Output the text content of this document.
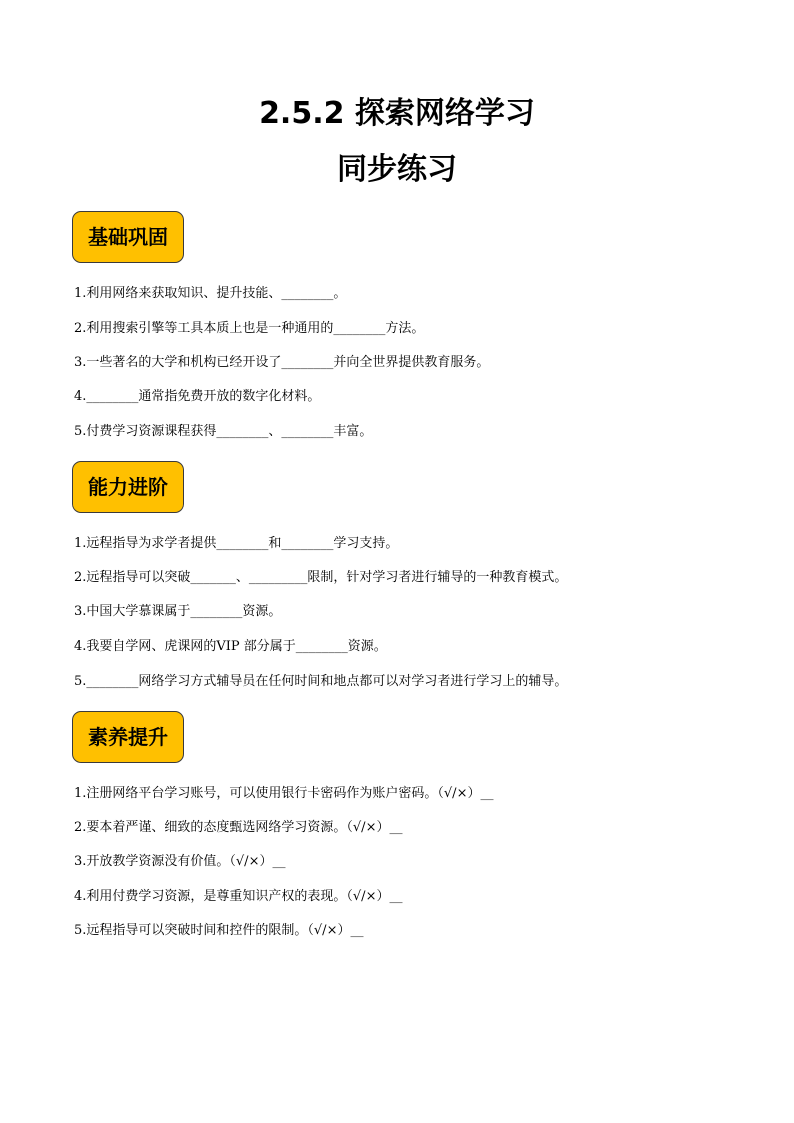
2.5.2 探索网络学习
同步练习
基础巩固
1.利用网络来获取知识、提升技能、________。
2.利用搜索引擎等工具本质上也是一种通用的________方法。
3.一些著名的大学和机构已经开设了________并向全世界提供教育服务。
4.________通常指免费开放的数字化材料。
5.付费学习资源课程获得________、________丰富。
能力进阶
1.远程指导为求学者提供________和________学习支持。
2.远程指导可以突破_______、_________限制，针对学习者进行辅导的一种教育模式。
3.中国大学慕课属于________资源。
4.我要自学网、虎课网的VIP 部分属于________资源。
5.________网络学习方式辅导员在任何时间和地点都可以对学习者进行学习上的辅导。
素养提升
1.注册网络平台学习账号，可以使用银行卡密码作为账户密码。（√/×）__
2.要本着严谨、细致的态度甄选网络学习资源。（√/×）__
3.开放教学资源没有价值。（√/×）__
4.利用付费学习资源，是尊重知识产权的表现。（√/×）__
5.远程指导可以突破时间和控件的限制。（√/×）__
